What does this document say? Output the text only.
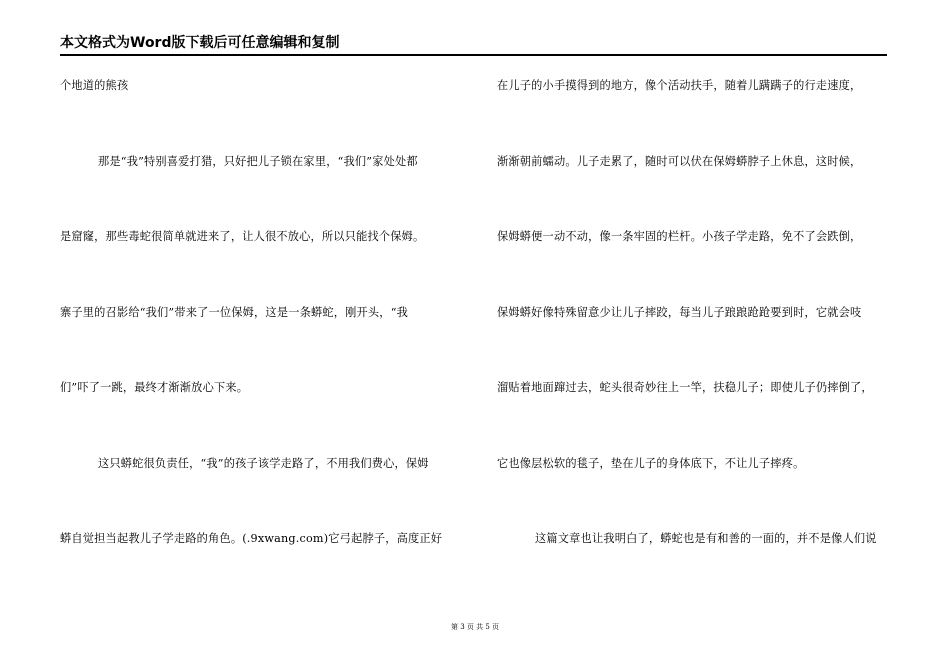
本文格式为Word版下载后可任意编辑和复制
个地道的熊孩
那是“我”特别喜爱打猎，只好把儿子锁在家里，“我们”家处处都
是窟窿，那些毒蛇很简单就进来了，让人很不放心，所以只能找个保姆。
寨子里的召影给“我们”带来了一位保姆，这是一条蟒蛇，刚开头，“我
们”吓了一跳，最终才渐渐放心下来。
这只蟒蛇很负责任，“我”的孩子该学走路了，不用我们费心，保姆
蟒自觉担当起教儿子学走路的角色。(.9xwang.com)它弓起脖子，高度正好
在儿子的小手摸得到的地方，像个活动扶手，随着儿蹒蹒子的行走速度，
渐渐朝前蠕动。儿子走累了，随时可以伏在保姆蟒脖子上休息，这时候，
保姆蟒便一动不动，像一条牢固的栏杆。小孩子学走路，免不了会跌倒，
保姆蟒好像特殊留意少让儿子摔跤，每当儿子踉踉跄跄要到时，它就会吱
溜贴着地面蹿过去，蛇头很奇妙往上一竿，扶稳儿子；即使儿子仍摔倒了，
它也像层松软的毯子，垫在儿子的身体底下，不让儿子摔疼。
这篇文章也让我明白了，蟒蛇也是有和善的一面的，并不是像人们说
第 3 页 共 5 页
